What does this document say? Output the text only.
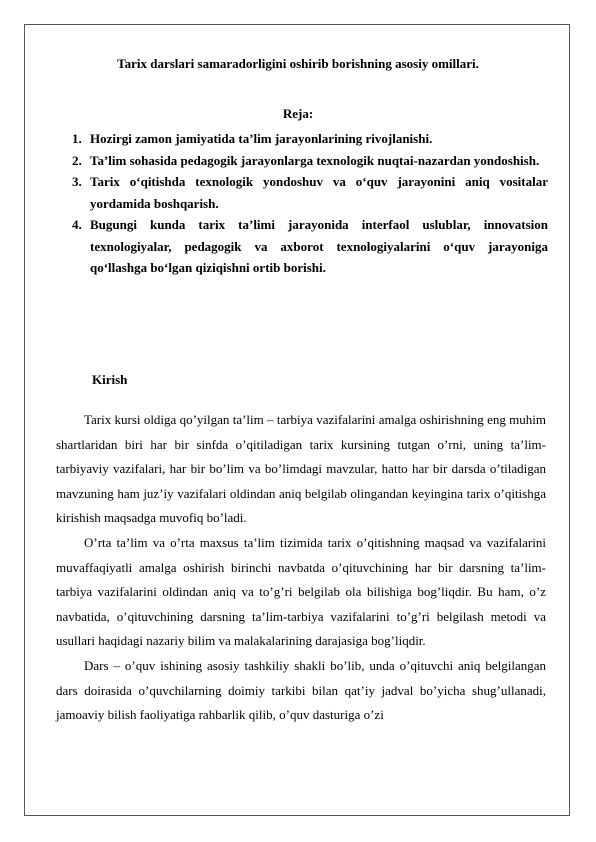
Tarix darslari samaradorligini oshirib borishning asosiy omillari.
Reja:
1. Hozirgi zamon jamiyatida ta’lim jarayonlarining rivojlanishi.
2. Ta’lim sohasida pedagogik jarayonlarga texnologik nuqtai-nazardan yondoshish.
3. Tarix o‘qitishda texnologik yondoshuv va o‘quv jarayonini aniq vositalar yordamida boshqarish.
4. Bugungi kunda tarix ta’limi jarayonida interfaol uslublar, innovatsion texnologiyalar, pedagogik va axborot texnologiyalarini o‘quv jarayoniga qo‘llashga bo‘lgan qiziqishni ortib borishi.
Kirish

Tarix kursi oldiga qo’yilgan ta’lim – tarbiya vazifalarini amalga oshirishning eng muhim shartlaridan biri har bir sinfda o’qitiladigan tarix kursining tutgan o’rni, uning ta’lim-tarbiyaviy vazifalari, har bir bo’lim va bo’limdagi mavzular, hatto har bir darsda o’tiladigan mavzuning ham juz’iy vazifalari oldindan aniq belgilab olingandan keyingina tarix o’qitishga kirishish maqsadga muvofiq bo’ladi.

O’rta ta’lim va o’rta maxsus ta’lim tizimida tarix o’qitishning maqsad va vazifalarini muvaffaqiyatli amalga oshirish birinchi navbatda o’qituvchining har bir darsning ta’lim-tarbiya vazifalarini oldindan aniq va to’g’ri belgilab ola bilishiga bog’liqdir. Bu ham, o’z navbatida, o’qituvchining darsning ta’lim-tarbiya vazifalarini to’g’ri belgilash metodi va usullari haqidagi nazariy bilim va malakalarining darajasiga bog’liqdir.

Dars – o’quv ishining asosiy tashkiliy shakli bo’lib, unda o’qituvchi aniq belgilangan dars doirasida o’quvchilarning doimiy tarkibi bilan qat’iy jadval bo’yicha shug’ullanadi, jamoaviy bilish faoliyatiga rahbarlik qilib, o’quv dasturiga o’zi
